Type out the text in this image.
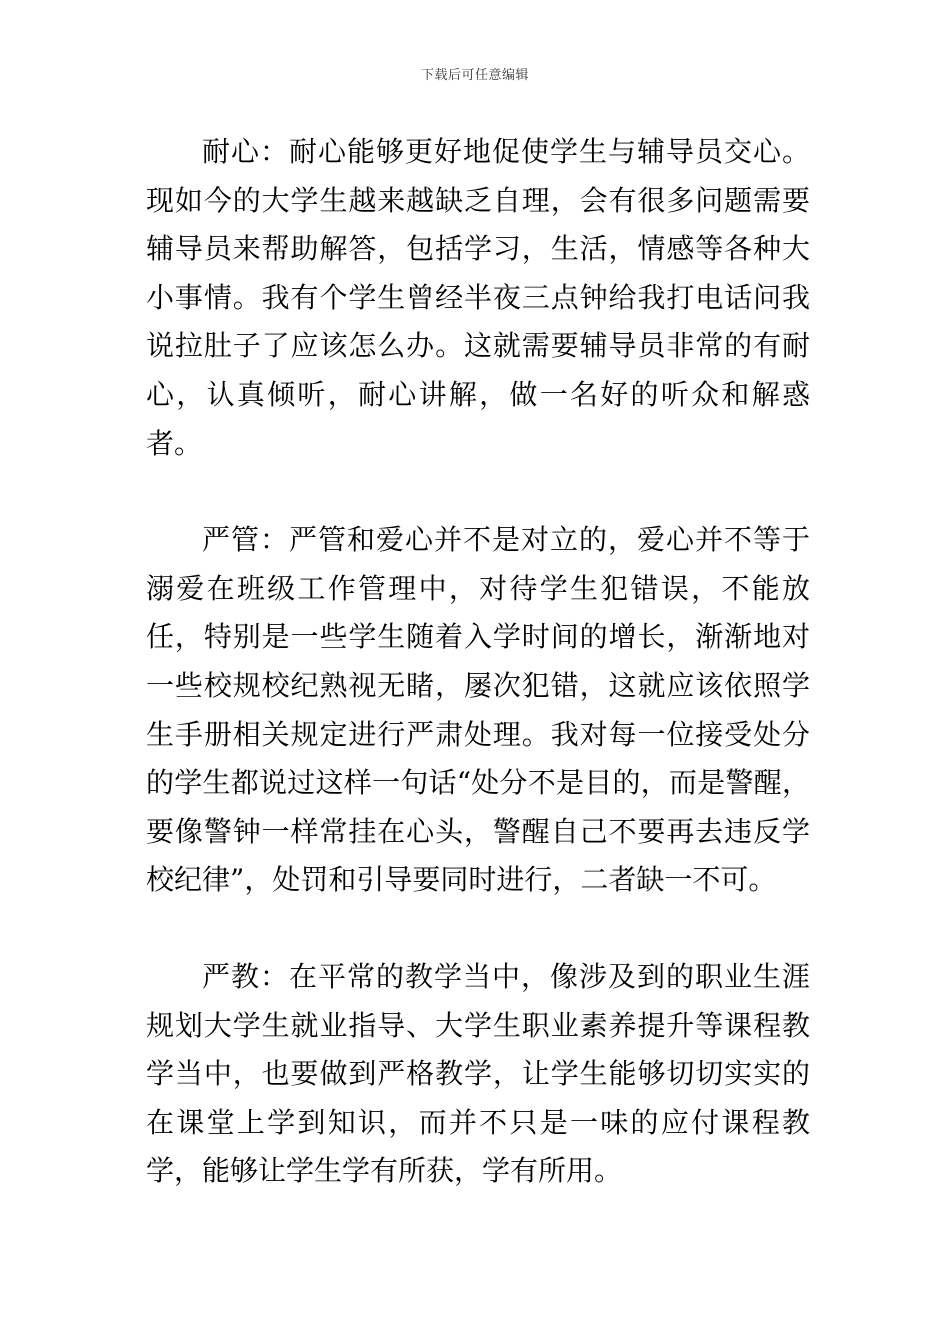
下载后可任意编辑

耐心：耐心能够更好地促使学生与辅导员交心。现如今的大学生越来越缺乏自理，会有很多问题需要辅导员来帮助解答，包括学习，生活，情感等各种大小事情。我有个学生曾经半夜三点钟给我打电话问我说拉肚子了应该怎么办。这就需要辅导员非常的有耐心，认真倾听，耐心讲解，做一名好的听众和解惑者。

严管：严管和爱心并不是对立的，爱心并不等于溺爱在班级工作管理中，对待学生犯错误，不能放任，特别是一些学生随着入学时间的增长，渐渐地对一些校规校纪熟视无睹，屡次犯错，这就应该依照学生手册相关规定进行严肃处理。我对每一位接受处分的学生都说过这样一句话“处分不是目的，而是警醒，要像警钟一样常挂在心头，警醒自己不要再去违反学校纪律”，处罚和引导要同时进行，二者缺一不可。

严教：在平常的教学当中，像涉及到的职业生涯规划大学生就业指导、大学生职业素养提升等课程教学当中，也要做到严格教学，让学生能够切切实实的在课堂上学到知识，而并不只是一味的应付课程教学，能够让学生学有所获，学有所用。
